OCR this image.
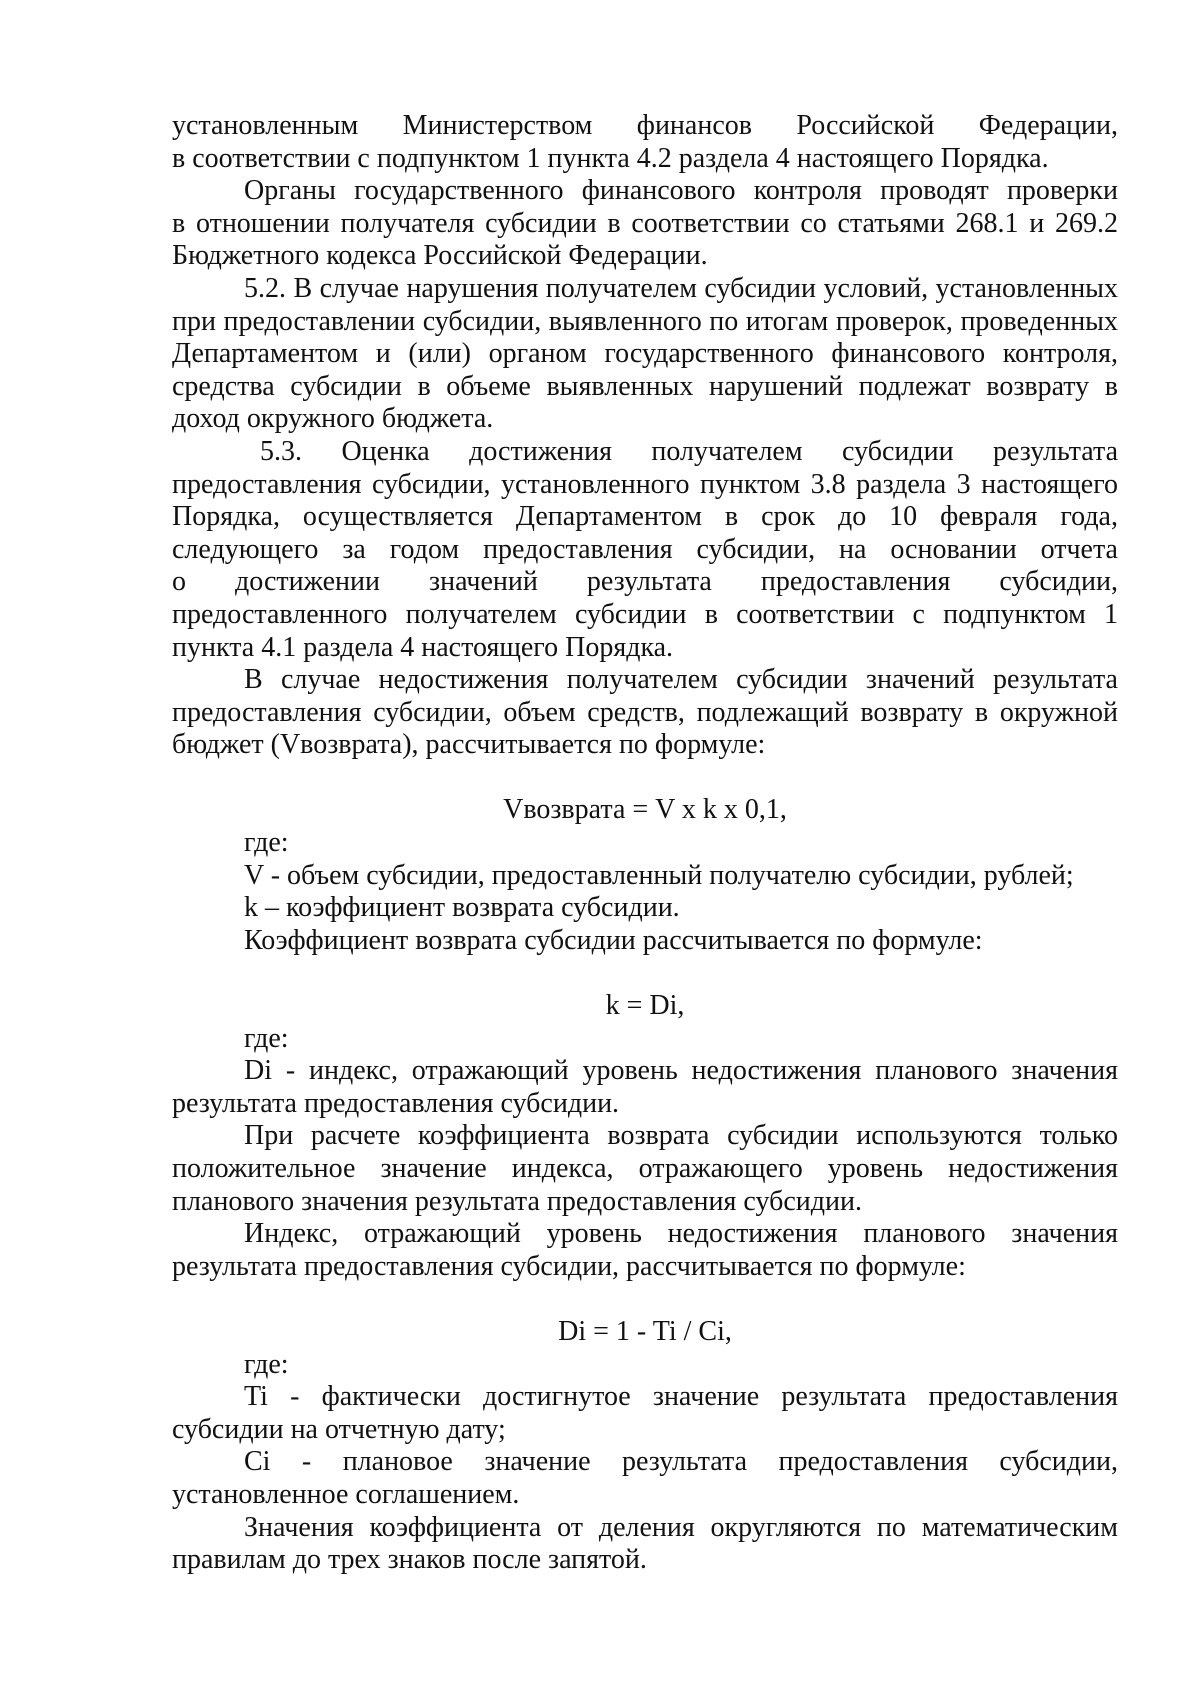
установленным Министерством финансов Российской Федерации,
в соответствии с подпунктом 1 пункта 4.2 раздела 4 настоящего Порядка.
Органы государственного финансового контроля проводят проверки
в отношении получателя субсидии в соответствии со статьями 268.1 и 269.2
Бюджетного кодекса Российской Федерации.
5.2. В случае нарушения получателем субсидии условий, установленных
при предоставлении субсидии, выявленного по итогам проверок, проведенных
Департаментом и (или) органом государственного финансового контроля,
средства субсидии в объеме выявленных нарушений подлежат возврату в
доход окружного бюджета.
5.3. Оценка достижения получателем субсидии результата
предоставления субсидии, установленного пунктом 3.8 раздела 3 настоящего
Порядка, осуществляется Департаментом в срок до 10 февраля года,
следующего за годом предоставления субсидии, на основании отчета
о достижении значений результата предоставления субсидии,
предоставленного получателем субсидии в соответствии с подпунктом 1
пункта 4.1 раздела 4 настоящего Порядка.
В случае недостижения получателем субсидии значений результата
предоставления субсидии, объем средств, подлежащий возврату в окружной
бюджет (Vвозврата), рассчитывается по формуле:
Vвозврата = V x k x 0,1,
где:
V - объем субсидии, предоставленный получателю субсидии, рублей;
k – коэффициент возврата субсидии.
Коэффициент возврата субсидии рассчитывается по формуле:
k = Di,
где:
Di - индекс, отражающий уровень недостижения планового значения
результата предоставления субсидии.
При расчете коэффициента возврата субсидии используются только
положительное значение индекса, отражающего уровень недостижения
планового значения результата предоставления субсидии.
Индекс, отражающий уровень недостижения планового значения
результата предоставления субсидии, рассчитывается по формуле:
Di = 1 - Ti / Ci,
где:
Ti - фактически достигнутое значение результата предоставления
субсидии на отчетную дату;
Ci - плановое значение результата предоставления субсидии,
установленное соглашением.
Значения коэффициента от деления округляются по математическим
правилам до трех знаков после запятой.
